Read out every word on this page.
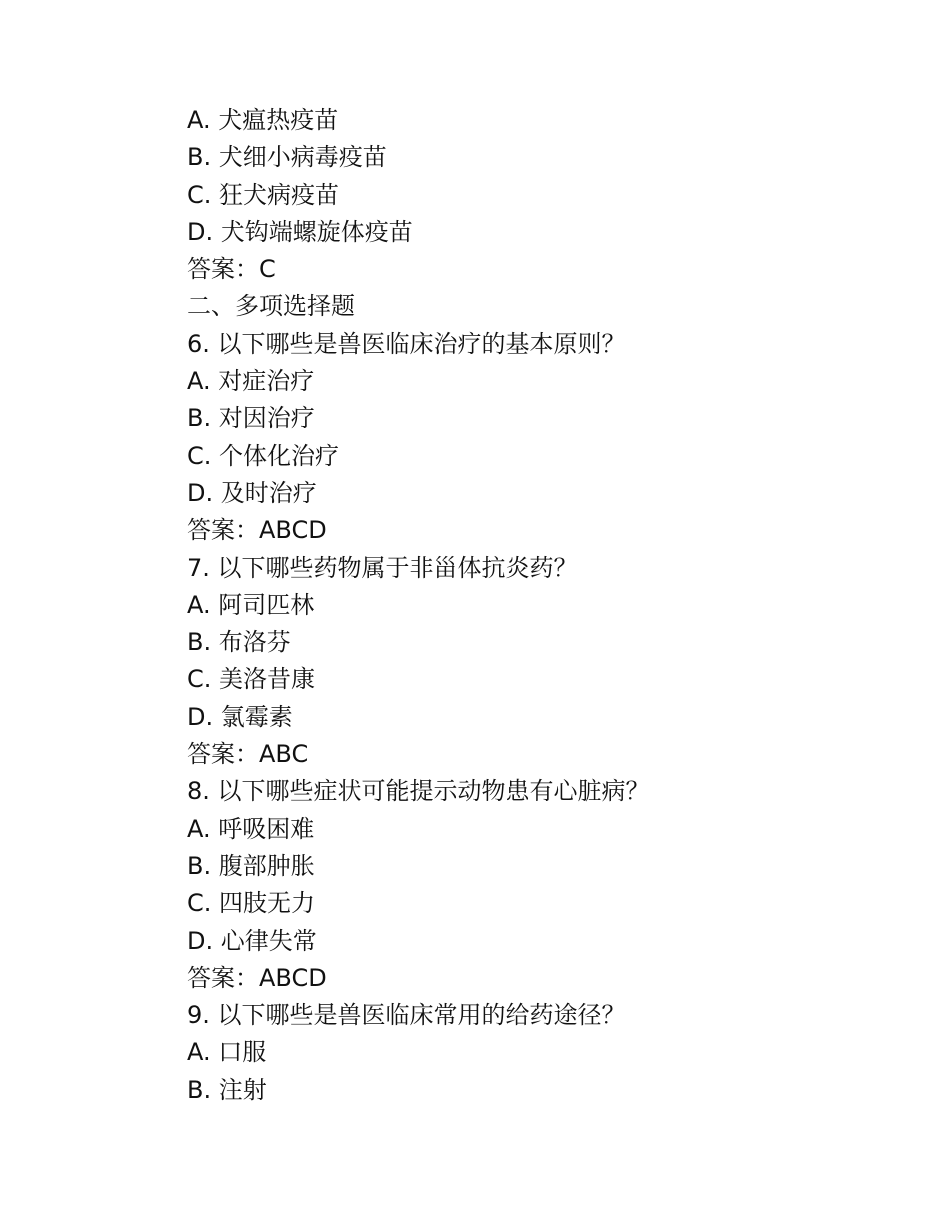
A. 犬瘟热疫苗
B. 犬细小病毒疫苗
C. 狂犬病疫苗
D. 犬钩端螺旋体疫苗
答案：C
二、多项选择题
6. 以下哪些是兽医临床治疗的基本原则？
A. 对症治疗
B. 对因治疗
C. 个体化治疗
D. 及时治疗
答案：ABCD
7. 以下哪些药物属于非甾体抗炎药？
A. 阿司匹林
B. 布洛芬
C. 美洛昔康
D. 氯霉素
答案：ABC
8. 以下哪些症状可能提示动物患有心脏病？
A. 呼吸困难
B. 腹部肿胀
C. 四肢无力
D. 心律失常
答案：ABCD
9. 以下哪些是兽医临床常用的给药途径？
A. 口服
B. 注射
